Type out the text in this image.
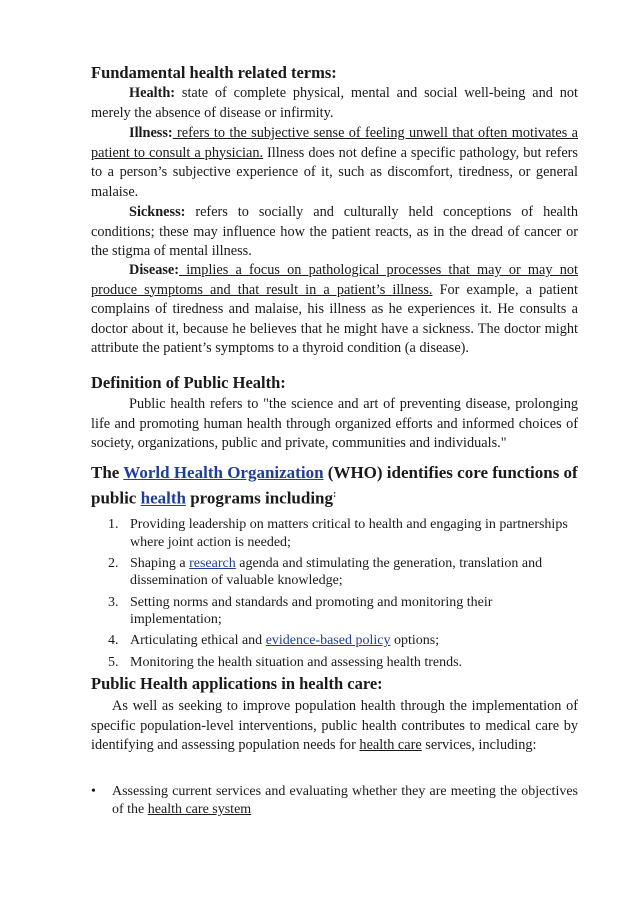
Fundamental health related terms:

Health: state of complete physical, mental and social well-being and not merely the absence of disease or infirmity.

Illness: refers to the subjective sense of feeling unwell that often motivates a patient to consult a physician. Illness does not define a specific pathology, but refers to a person’s subjective experience of it, such as discomfort, tiredness, or general malaise.

Sickness: refers to socially and culturally held conceptions of health conditions; these may influence how the patient reacts, as in the dread of cancer or the stigma of mental illness.

Disease: implies a focus on pathological processes that may or may not produce symptoms and that result in a patient’s illness. For example, a patient complains of tiredness and malaise, his illness as he experiences it. He consults a doctor about it, because he believes that he might have a sickness. The doctor might attribute the patient’s symptoms to a thyroid condition (a disease).

Definition of Public Health:

Public health refers to "the science and art of preventing disease, prolonging life and promoting human health through organized efforts and informed choices of society, organizations, public and private, communities and individuals."

The World Health Organization (WHO) identifies core functions of public health programs including:

1. Providing leadership on matters critical to health and engaging in partnerships where joint action is needed;
2. Shaping a research agenda and stimulating the generation, translation and dissemination of valuable knowledge;
3. Setting norms and standards and promoting and monitoring their implementation;
4. Articulating ethical and evidence-based policy options;
5. Monitoring the health situation and assessing health trends.
Public Health applications in health care:

As well as seeking to improve population health through the implementation of specific population-level interventions, public health contributes to medical care by identifying and assessing population needs for health care services, including:

• Assessing current services and evaluating whether they are meeting the objectives of the health care system
